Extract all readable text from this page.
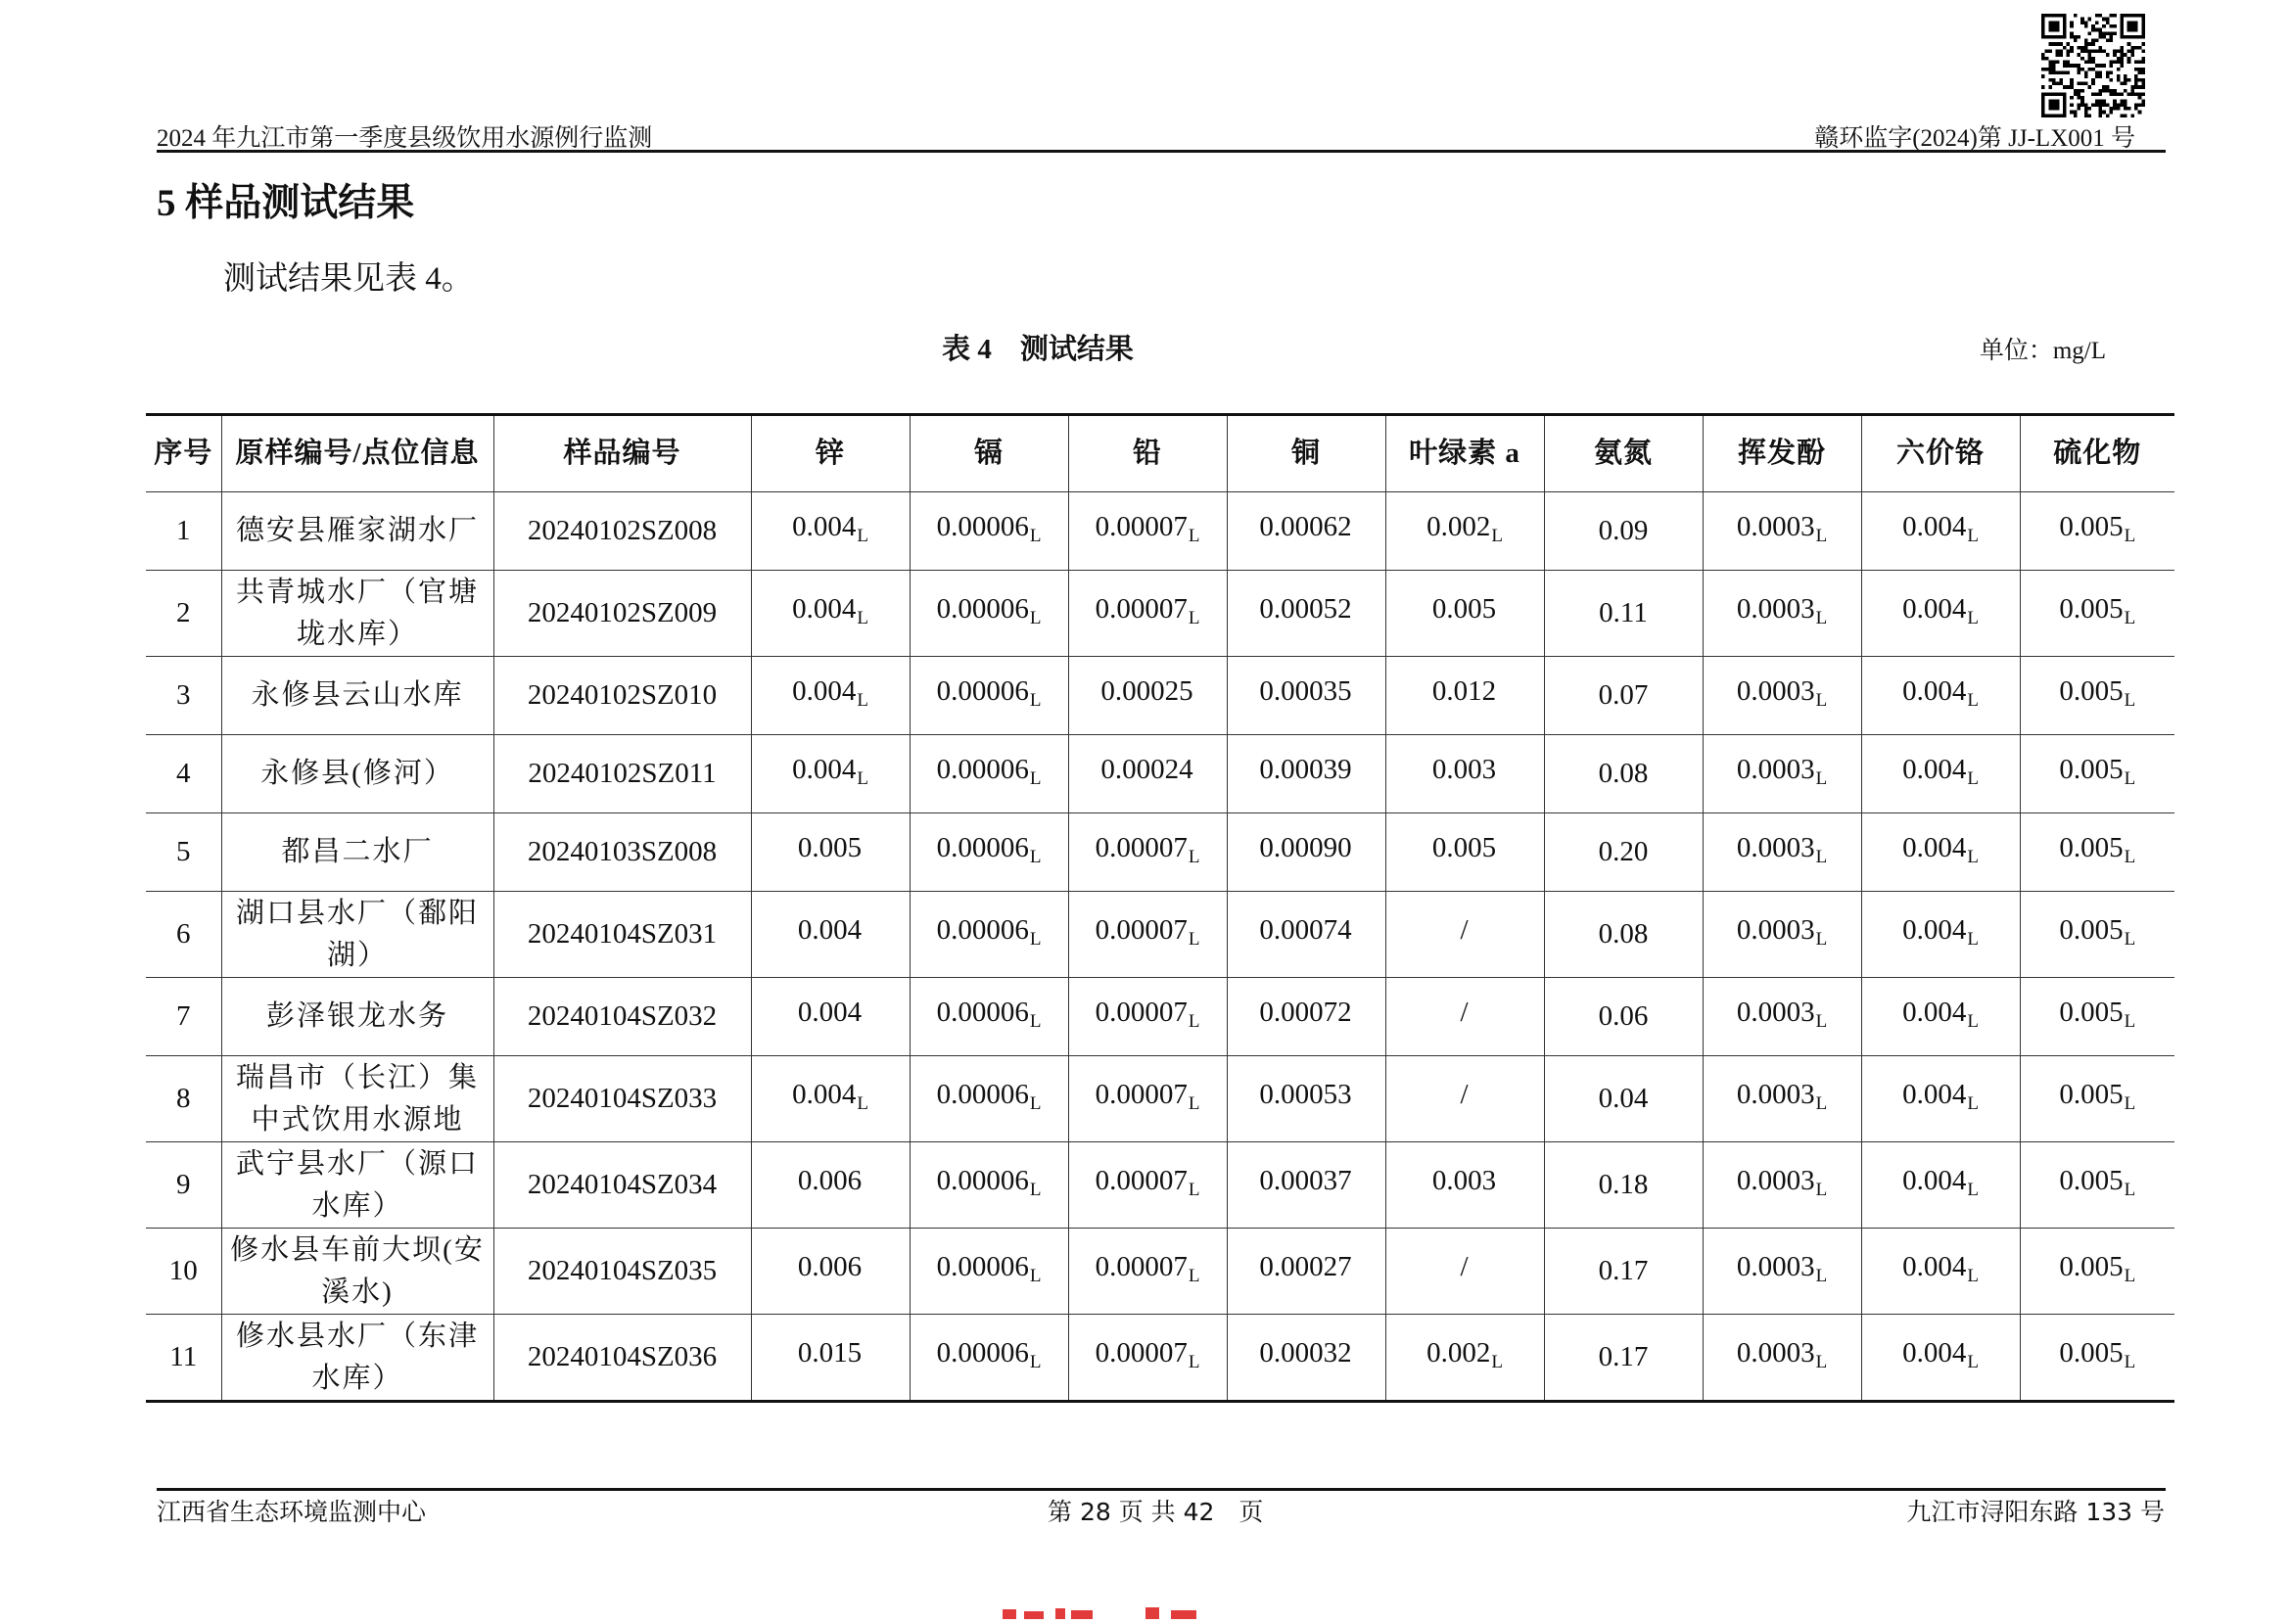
2024 年九江市第一季度县级饮用水源例行监测	赣环监字(2024)第 JJ-LX001 号
5 样品测试结果
测试结果见表 4。
表 4　测试结果	单位：mg/L
序号	原样编号/点位信息	样品编号	锌	镉	铅	铜	叶绿素 a	氨氮	挥发酚	六价铬	硫化物
1	德安县雁家湖水厂	20240102SZ008	$0.004_L$	$0.00006_L$	$0.00007_L$	0.00062	$0.002_L$	0.09	$0.0003_L$	$0.004_L$	$0.005_L$
2	共青城水厂（官塘垅水库）	20240102SZ009	$0.004_L$	$0.00006_L$	$0.00007_L$	0.00052	0.005	0.11	$0.0003_L$	$0.004_L$	$0.005_L$
3	永修县云山水库	20240102SZ010	$0.004_L$	$0.00006_L$	0.00025	0.00035	0.012	0.07	$0.0003_L$	$0.004_L$	$0.005_L$
4	永修县(修河）	20240102SZ011	$0.004_L$	$0.00006_L$	0.00024	0.00039	0.003	0.08	$0.0003_L$	$0.004_L$	$0.005_L$
5	都昌二水厂	20240103SZ008	0.005	$0.00006_L$	$0.00007_L$	0.00090	0.005	0.20	$0.0003_L$	$0.004_L$	$0.005_L$
6	湖口县水厂（鄱阳湖）	20240104SZ031	0.004	$0.00006_L$	$0.00007_L$	0.00074	/	0.08	$0.0003_L$	$0.004_L$	$0.005_L$
7	彭泽银龙水务	20240104SZ032	0.004	$0.00006_L$	$0.00007_L$	0.00072	/	0.06	$0.0003_L$	$0.004_L$	$0.005_L$
8	瑞昌市（长江）集中式饮用水源地	20240104SZ033	$0.004_L$	$0.00006_L$	$0.00007_L$	0.00053	/	0.04	$0.0003_L$	$0.004_L$	$0.005_L$
9	武宁县水厂（源口水库）	20240104SZ034	0.006	$0.00006_L$	$0.00007_L$	0.00037	0.003	0.18	$0.0003_L$	$0.004_L$	$0.005_L$
10	修水县车前大坝(安溪水)	20240104SZ035	0.006	$0.00006_L$	$0.00007_L$	0.00027	/	0.17	$0.0003_L$	$0.004_L$	$0.005_L$
11	修水县水厂（东津水库）	20240104SZ036	0.015	$0.00006_L$	$0.00007_L$	0.00032	$0.002_L$	0.17	$0.0003_L$	$0.004_L$	$0.005_L$
江西省生态环境监测中心	第 28 页 共 42　页	九江市浔阳东路 133 号
